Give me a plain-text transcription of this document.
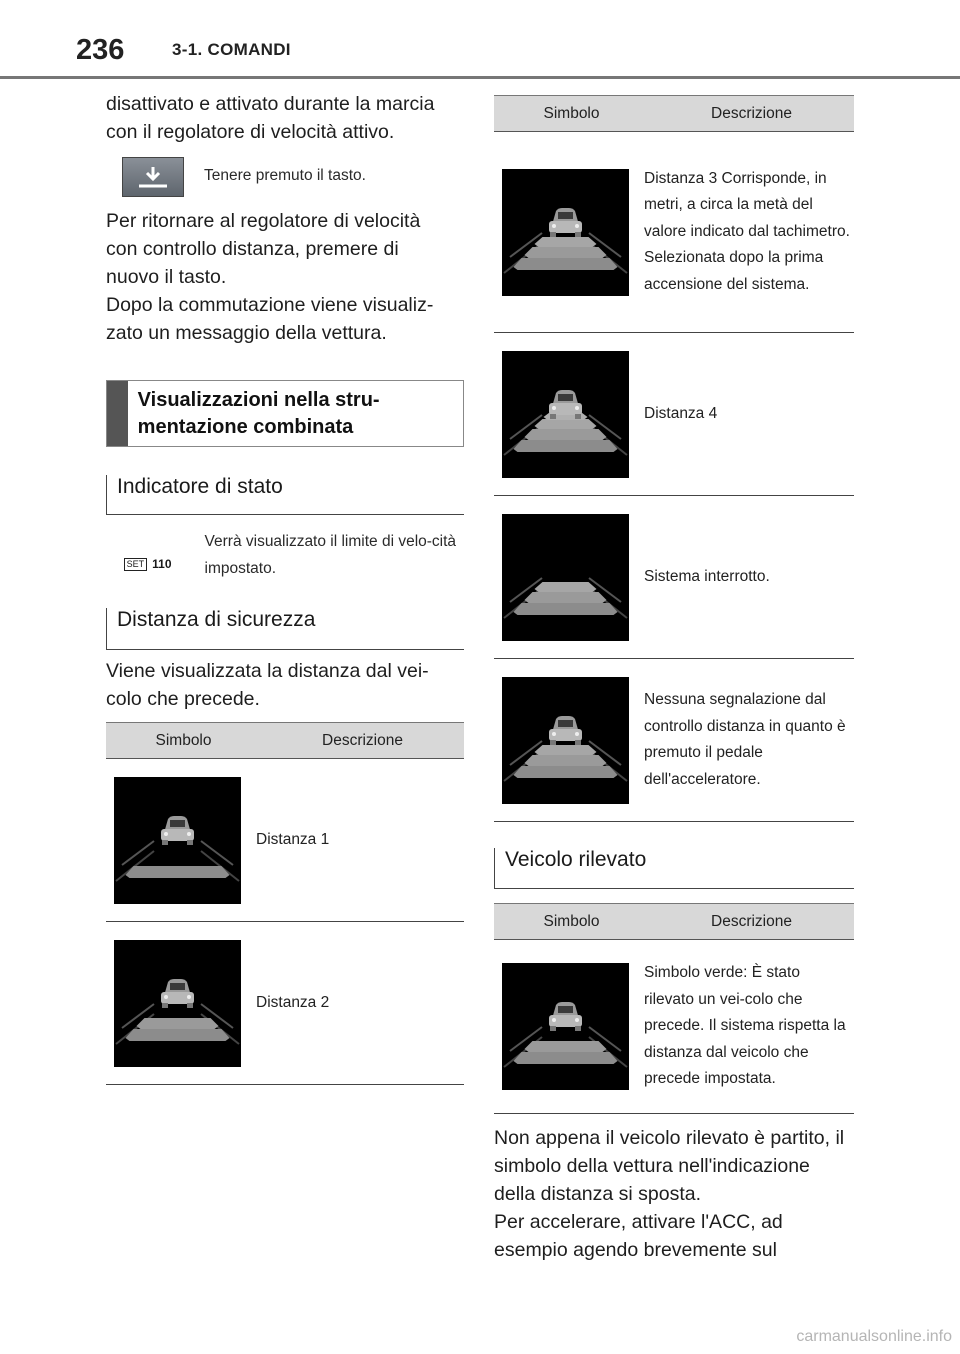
236	3-1. COMANDI

disattivato e attivato durante la marcia con il regolatore di velocità attivo.

Tenere premuto il tasto.

Per ritornare al regolatore di velocità con controllo distanza, premere di nuovo il tasto.

Dopo la commutazione viene visualiz-zato un messaggio della vettura.

Visualizzazioni nella stru-mentazione combinata
Indicatore di stato
SET 110
Verrà visualizzato il limite di velo-cità impostato.
Distanza di sicurezza

Viene visualizzata la distanza dal vei-colo che precede.

Simbolo	Descrizione
Distanza 1
Distanza 2
Simbolo	Descrizione
Distanza 3 Corrisponde, in metri, a circa la metà del valore indicato dal tachimetro. Selezionata dopo la prima accensione del sistema.
Distanza 4
Sistema interrotto.
Nessuna segnalazione dal controllo distanza in quanto è premuto il pedale dell'acceleratore.
Veicolo rilevato
Simbolo	Descrizione
Simbolo verde: È stato rilevato un vei-colo che precede. Il sistema rispetta la distanza dal veicolo che precede impostata.

Non appena il veicolo rilevato è partito, il simbolo della vettura nell'indicazione della distanza si sposta.

Per accelerare, attivare l'ACC, ad esempio agendo brevemente sul

carmanualsonline.info
